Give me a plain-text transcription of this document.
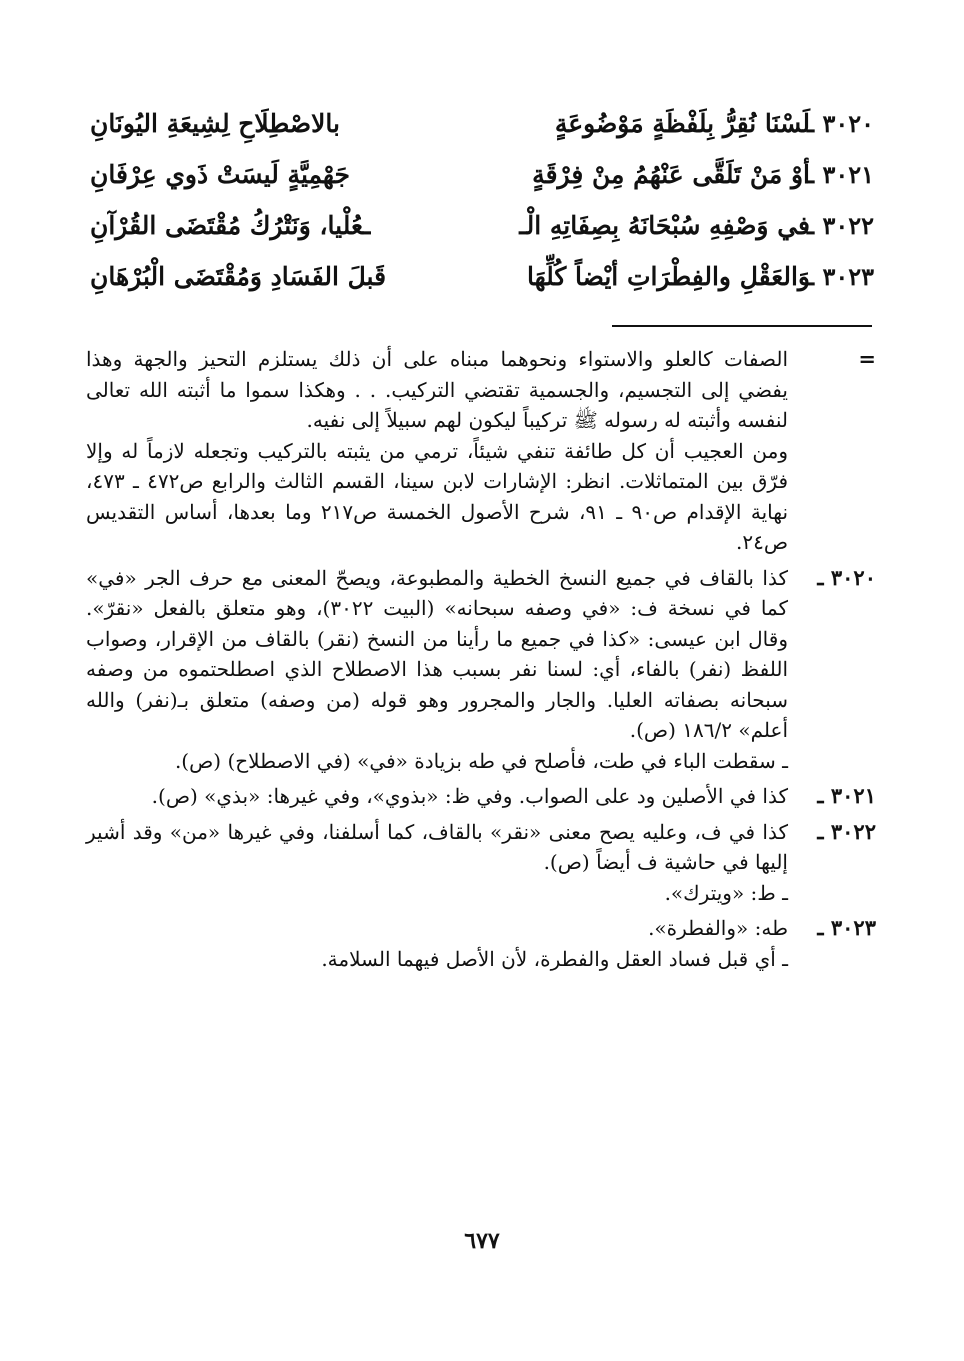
٣٠٢٠ ـ
لَسْنَا نُقِرُّ بِلَفْظَةٍ مَوْضُوعَةٍ
بالاصْطِلَاحِ لِشِيعَةِ اليُونَانِ
٣٠٢١ ـ
أوْ مَنْ تَلَقَّى عَنْهُمُ مِنْ فِرْقَةٍ
جَهْمِيَّةٍ لَيسَتْ ذَوي عِرْفَانِ
٣٠٢٢ ـ
في وَصْفِهِ سُبْحَانَهُ بِصِفَاتِهِ الْـ
ـعُلْيا، وَنَتْرُكُ مُقْتَضَى القُرْآنِ
٣٠٢٣ ـ
وَالعَقْلِ والفِطْرَاتِ أيْضاً كُلِّهَا
قَبلَ الفَسَادِ وَمُقْتَضَى الْبُرْهَانِ
=

الصفات كالعلو والاستواء ونحوهما مبناه على أن ذلك يستلزم التحيز والجهة وهذا يفضي إلى التجسيم، والجسمية تقتضي التركيب. . . وهكذا سموا ما أثبته الله تعالى لنفسه وأثبته له رسوله ﷺ تركيباً ليكون لهم سبيلاً إلى نفيه.

ومن العجيب أن كل طائفة تنفي شيئاً، ترمي من يثبته بالتركيب وتجعله لازماً له وإلا فرّق بين المتماثلات. انظر: الإشارات لابن سينا، القسم الثالث والرابع ص٤٧٢ ـ ٤٧٣، نهاية الإقدام ص٩٠ ـ ٩١، شرح الأصول الخمسة ص٢١٧ وما بعدها، أساس التقديس ص٢٤.

٣٠٢٠ ـ

كذا بالقاف في جميع النسخ الخطية والمطبوعة، ويصحّ المعنى مع حرف الجر «في» كما في نسخة ف: «في وصفه سبحانه» (البيت ٣٠٢٢)، وهو متعلق بالفعل «نقرّ». وقال ابن عيسى: «كذا في جميع ما رأينا من النسخ (نقر) بالقاف من الإقرار، وصواب اللفظ (نفر) بالفاء، أي: لسنا نفر بسبب هذا الاصطلاح الذي اصطلحتموه من وصفه سبحانه بصفاته العليا. والجار والمجرور وهو قوله (من وصفه) متعلق بـ(نفر) والله أعلم» ١٨٦/٢ (ص).

ـ سقطت الباء في طت، فأصلح في طه بزيادة «في» (في الاصطلاح) (ص).

٣٠٢١ ـ

كذا في الأصلين ود على الصواب. وفي ظ: «بذوي»، وفي غيرها: «بذي» (ص).

٣٠٢٢ ـ

كذا في ف، وعليه يصح معنى «نقر» بالقاف، كما أسلفنا، وفي غيرها «من» وقد أشير إليها في حاشية ف أيضاً (ص).

ـ ط: «ويترك».

٣٠٢٣ ـ

طه: «والفطرة».

ـ أي قبل فساد العقل والفطرة، لأن الأصل فيهما السلامة.

٦٧٧
